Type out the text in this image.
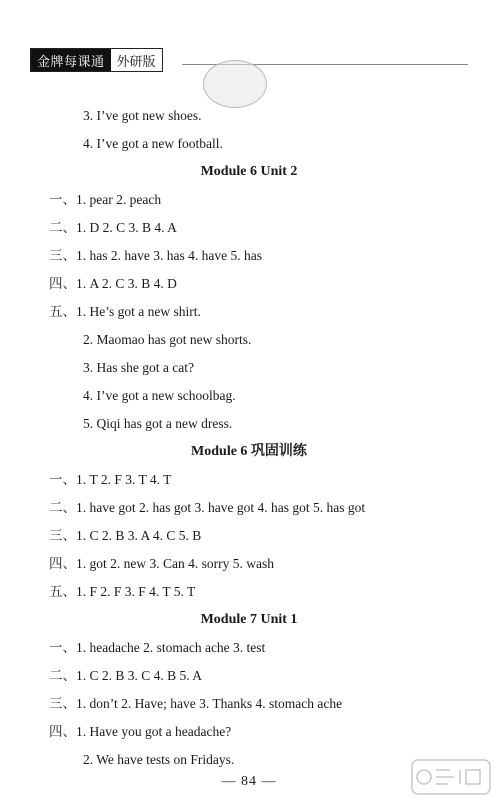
金牌每课通 外研版
3. I’ve got new shoes.
4. I’ve got a new football.
Module 6 Unit 2
一、1. pear 2. peach
二、1. D 2. C 3. B 4. A
三、1. has 2. have 3. has 4. have 5. has
四、1. A 2. C 3. B 4. D
五、1. He’s got a new shirt.
2. Maomao has got new shorts.
3. Has she got a cat?
4. I’ve got a new schoolbag.
5. Qiqi has got a new dress.
Module 6 巩固训练
一、1. T 2. F 3. T 4. T
二、1. have got 2. has got 3. have got 4. has got 5. has got
三、1. C 2. B 3. A 4. C 5. B
四、1. got 2. new 3. Can 4. sorry 5. wash
五、1. F 2. F 3. F 4. T 5. T
Module 7 Unit 1
一、1. headache 2. stomach ache 3. test
二、1. C 2. B 3. C 4. B 5. A
三、1. don’t 2. Have; have 3. Thanks 4. stomach ache
四、1. Have you got a headache?
2. We have tests on Fridays.
— 84 —
